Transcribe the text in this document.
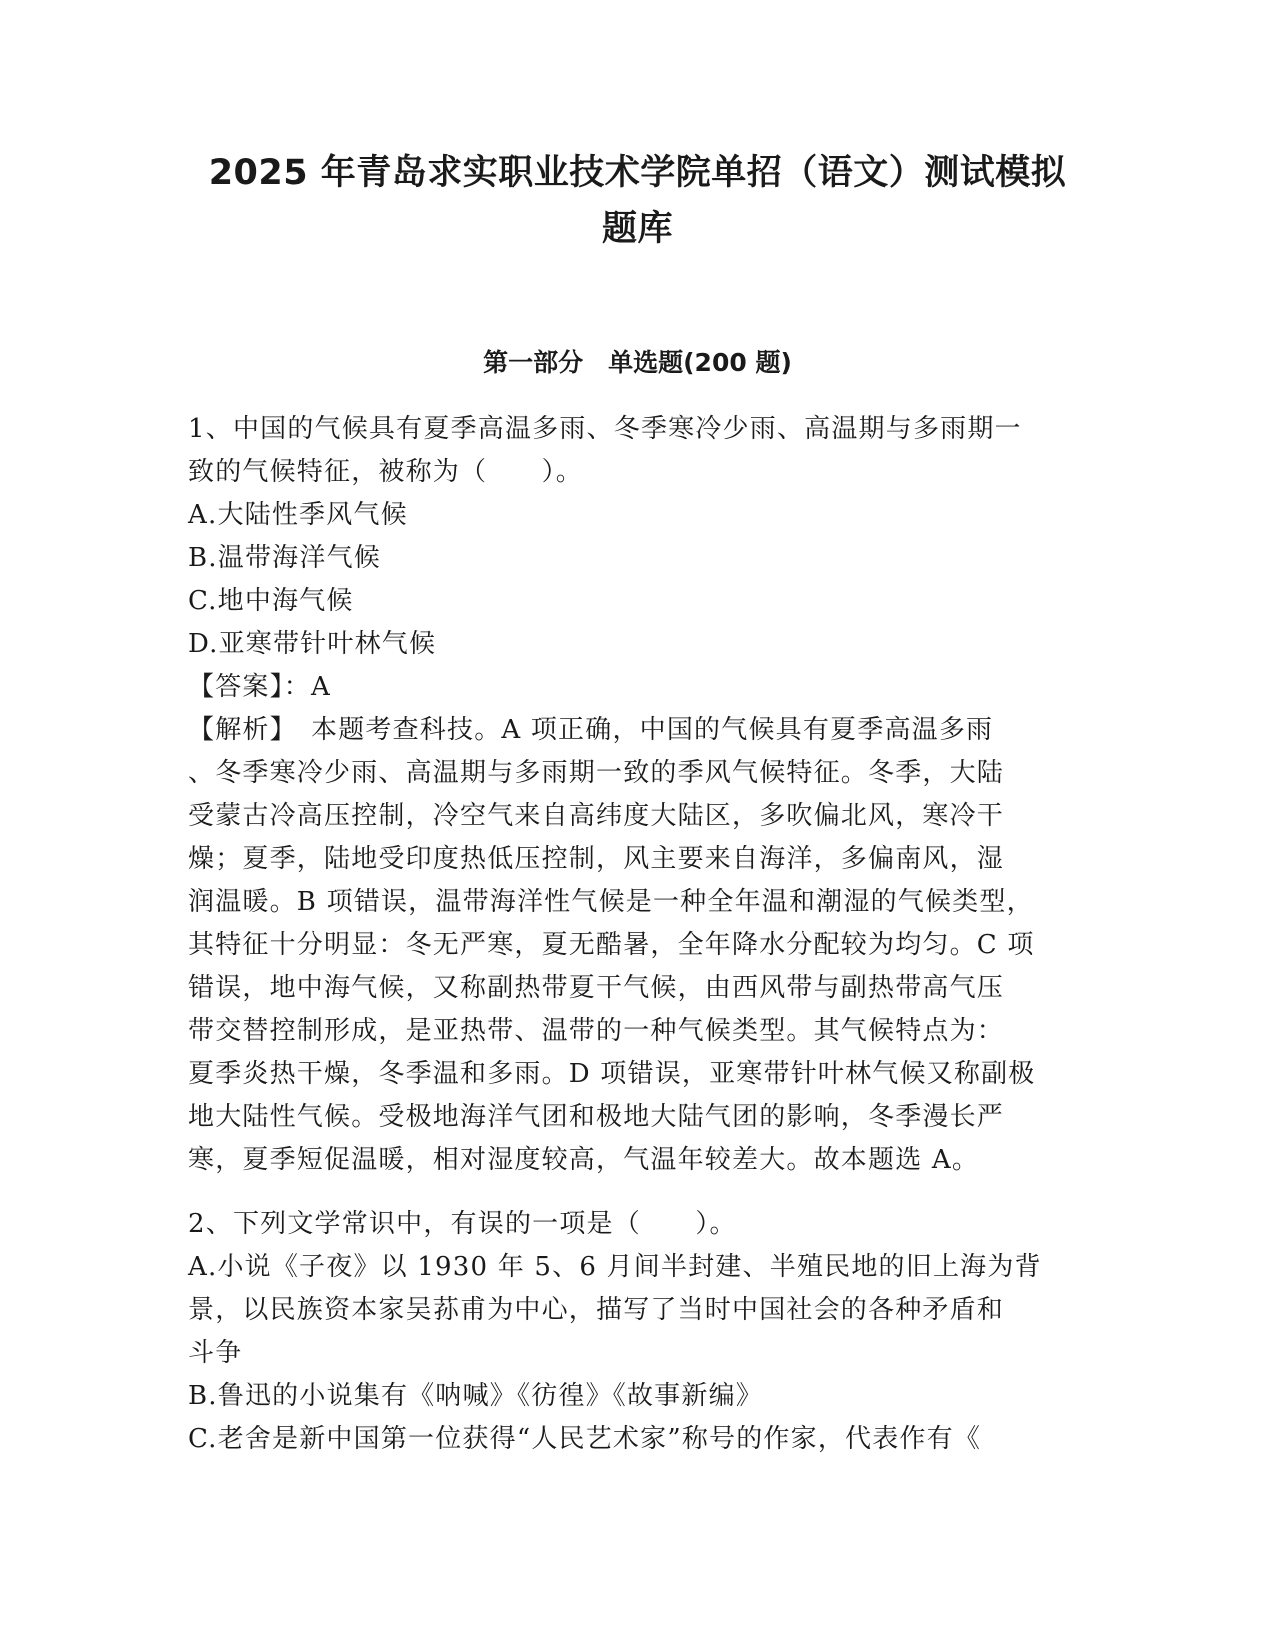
2025 年青岛求实职业技术学院单招（语文）测试模拟
题库
第一部分　单选题(200 题)
1、中国的气候具有夏季高温多雨、冬季寒冷少雨、高温期与多雨期一
致的气候特征，被称为（　　）。
A.大陆性季风气候
B.温带海洋气候
C.地中海气候
D.亚寒带针叶林气候
【答案】：A
【解析】　本题考查科技。A 项正确，中国的气候具有夏季高温多雨
、冬季寒冷少雨、高温期与多雨期一致的季风气候特征。冬季，大陆
受蒙古冷高压控制，冷空气来自高纬度大陆区，多吹偏北风，寒冷干
燥；夏季，陆地受印度热低压控制，风主要来自海洋，多偏南风，湿
润温暖。B 项错误，温带海洋性气候是一种全年温和潮湿的气候类型，
其特征十分明显：冬无严寒，夏无酷暑，全年降水分配较为均匀。C 项
错误，地中海气候，又称副热带夏干气候，由西风带与副热带高气压
带交替控制形成，是亚热带、温带的一种气候类型。其气候特点为：
夏季炎热干燥，冬季温和多雨。D 项错误，亚寒带针叶林气候又称副极
地大陆性气候。受极地海洋气团和极地大陆气团的影响，冬季漫长严
寒，夏季短促温暖，相对湿度较高，气温年较差大。故本题选 A。
2、下列文学常识中，有误的一项是（　　）。
A.小说《子夜》以 1930 年 5、6 月间半封建、半殖民地的旧上海为背
景，以民族资本家吴荪甫为中心，描写了当时中国社会的各种矛盾和
斗争
B.鲁迅的小说集有《呐喊》《彷徨》《故事新编》
C.老舍是新中国第一位获得“人民艺术家”称号的作家，代表作有《
